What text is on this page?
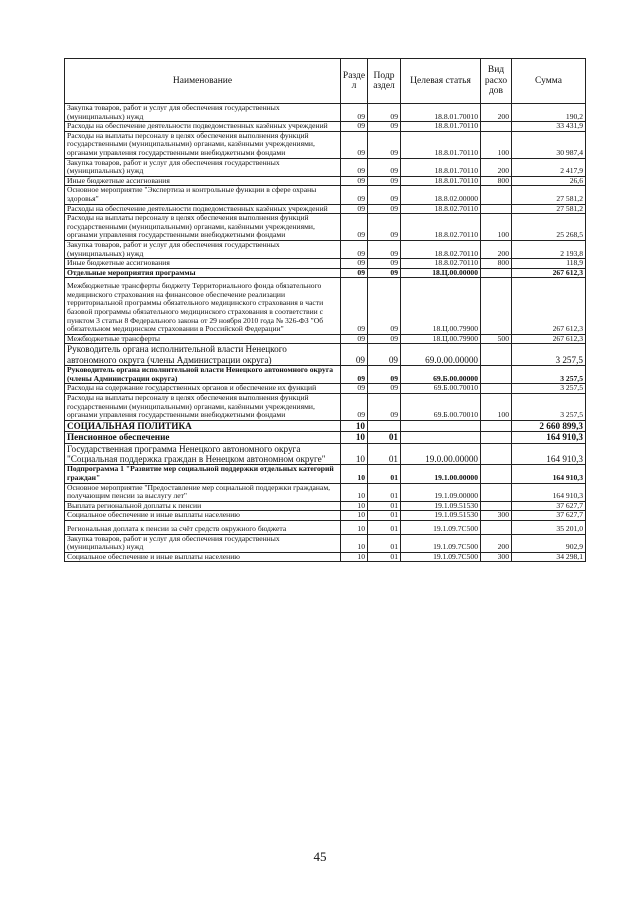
Наименование	Разде л	Подр аздел	Целевая статья	Вид расхо дов	Сумма
Закупка товаров, работ и услуг для обеспечения государственных (муниципальных) нужд	09	09	18.8.01.70010	200	190,2
Расходы на обеспечение деятельности подведомственных казённых учреждений	09	09	18.8.01.70110		33 431,9
Расходы на выплаты персоналу в целях обеспечения выполнения функций государственными (муниципальными) органами, казёнными учреждениями, органами управления государственными внебюджетными фондами	09	09	18.8.01.70110	100	30 987,4
Закупка товаров, работ и услуг для обеспечения государственных (муниципальных) нужд	09	09	18.8.01.70110	200	2 417,9
Иные бюджетные ассигнования	09	09	18.8.01.70110	800	26,6
Основное мероприятие "Экспертиза и контрольные функции в сфере охраны здоровья"	09	09	18.8.02.00000		27 581,2
Расходы на обеспечение деятельности подведомственных казённых учреждений	09	09	18.8.02.70110		27 581,2
Расходы на выплаты персоналу в целях обеспечения выполнения функций государственными (муниципальными) органами, казёнными учреждениями, органами управления государственными внебюджетными фондами	09	09	18.8.02.70110	100	25 268,5
Закупка товаров, работ и услуг для обеспечения государственных (муниципальных) нужд	09	09	18.8.02.70110	200	2 193,8
Иные бюджетные ассигнования	09	09	18.8.02.70110	800	118,9
Отдельные мероприятия программы	09	09	18.Ц.00.00000		267 612,3
Межбюджетные трансферты бюджету Территориального фонда обязательного медицинского страхования на финансовое обеспечение реализации территориальной программы обязательного медицинского страхования в части базовой программы обязательного медицинского страхования в соответствии с пунктом 3 статьи 8 Федерального закона от 29 ноября 2010 года № 326-ФЗ "Об обязательном медицинском страховании в Российской Федерации"	09	09	18.Ц.00.79900		267 612,3
Межбюджетные трансферты	09	09	18.Ц.00.79900	500	267 612,3
Руководитель органа исполнительной власти Ненецкого автономного округа (члены Администрации округа)	09	09	69.0.00.00000		3 257,5
Руководитель органа исполнительной власти Ненецкого автономного округа (члены Администрации округа)	09	09	69.Б.00.00000		3 257,5
Расходы на содержание государственных органов и обеспечение их функций	09	09	69.Б.00.70010		3 257,5
Расходы на выплаты персоналу в целях обеспечения выполнения функций государственными (муниципальными) органами, казёнными учреждениями, органами управления государственными внебюджетными фондами	09	09	69.Б.00.70010	100	3 257,5
СОЦИАЛЬНАЯ ПОЛИТИКА	10				2 660 899,3
Пенсионное обеспечение	10	01			164 910,3
Государственная программа Ненецкого автономного округа "Социальная поддержка граждан в Ненецком автономном округе"	10	01	19.0.00.00000		164 910,3
Подпрограмма 1 "Развитие мер социальной поддержки отдельных категорий граждан"	10	01	19.1.00.00000		164 910,3
Основное мероприятие "Предоставление мер социальной поддержки гражданам, получающим пенсии за выслугу лет"	10	01	19.1.09.00000		164 910,3
Выплата региональной доплаты к пенсии	10	01	19.1.09.51530		37 627,7
Социальное обеспечение и иные выплаты населению	10	01	19.1.09.51530	300	37 627,7
Региональная доплата к пенсии за счёт средств окружного бюджета	10	01	19.1.09.7С500		35 201,0
Закупка товаров, работ и услуг для обеспечения государственных (муниципальных) нужд	10	01	19.1.09.7С500	200	902,9
Социальное обеспечение и иные выплаты населению	10	01	19.1.09.7С500	300	34 298,1
45
